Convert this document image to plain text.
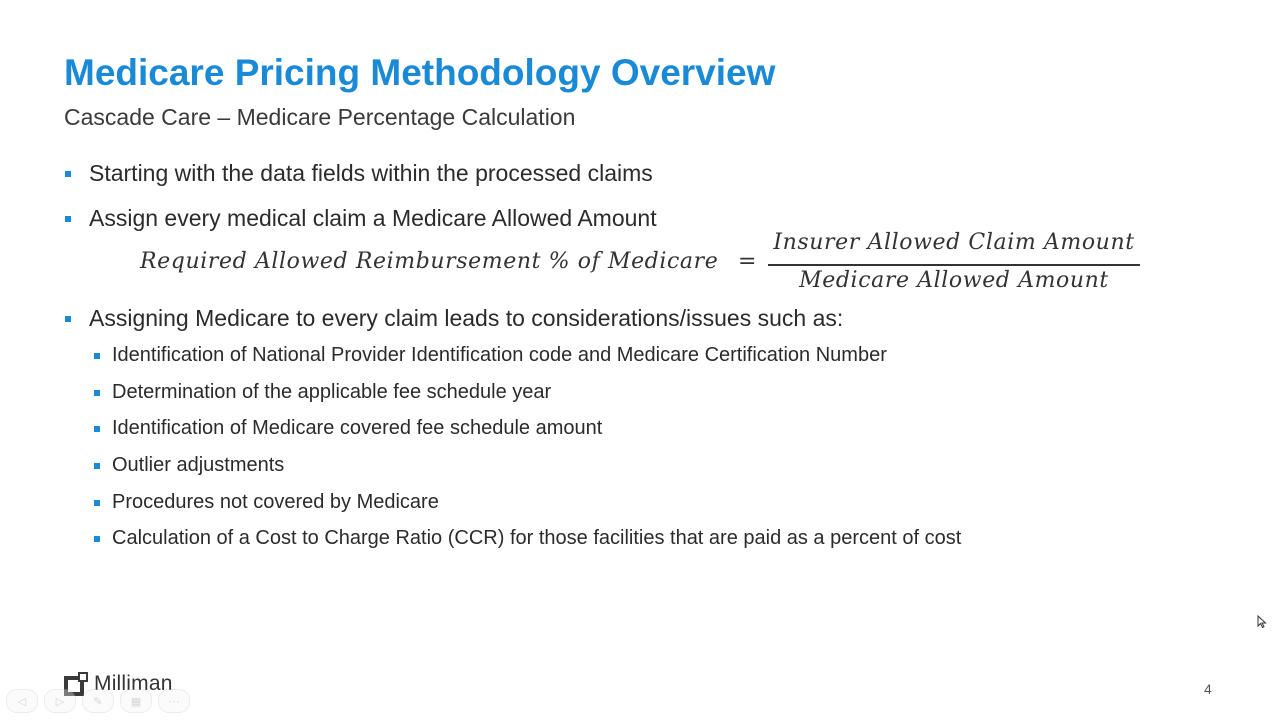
Medicare Pricing Methodology Overview
Cascade Care – Medicare Percentage Calculation
Starting with the data fields within the processed claims
Assign every medical claim a Medicare Allowed Amount
Required Allowed Reimbursement % of Medicare =
Insurer Allowed Claim Amount
Medicare Allowed Amount
Assigning Medicare to every claim leads to considerations/issues such as:
Identification of National Provider Identification code and Medicare Certification Number
Determination of the applicable fee schedule year
Identification of Medicare covered fee schedule amount
Outlier adjustments
Procedures not covered by Medicare
Calculation of a Cost to Charge Ratio (CCR) for those facilities that are paid as a percent of cost
Milliman	4
◁	▷	✎	▦ ⋯
